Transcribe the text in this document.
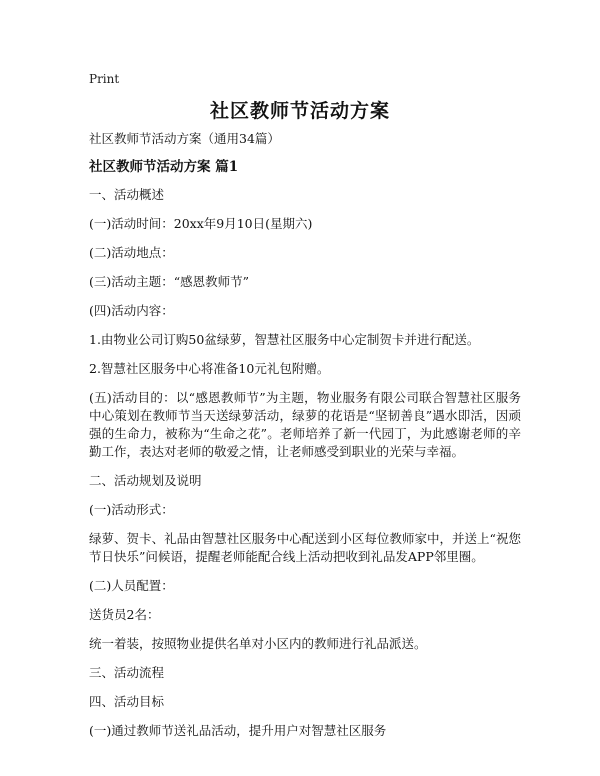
Print
社区教师节活动方案

社区教师节活动方案（通用34篇）

社区教师节活动方案 篇1

一、活动概述

(一)活动时间：20xx年9月10日(星期六)

(二)活动地点：

(三)活动主题：“感恩教师节”

(四)活动内容：

1.由物业公司订购50盆绿萝，智慧社区服务中心定制贺卡并进行配送。

2.智慧社区服务中心将准备10元礼包附赠。

(五)活动目的：以“感恩教师节”为主题，物业服务有限公司联合智慧社区服务中心策划在教师节当天送绿萝活动，绿萝的花语是“坚韧善良”遇水即活，因顽强的生命力，被称为“生命之花”。老师培养了新一代园丁，为此感谢老师的辛勤工作，表达对老师的敬爱之情，让老师感受到职业的光荣与幸福。

二、活动规划及说明

(一)活动形式：

绿萝、贺卡、礼品由智慧社区服务中心配送到小区每位教师家中，并送上“祝您节日快乐”问候语，提醒老师能配合线上活动把收到礼品发APP邻里圈。

(二)人员配置：

送货员2名：

统一着装，按照物业提供名单对小区内的教师进行礼品派送。

三、活动流程

四、活动目标

(一)通过教师节送礼品活动，提升用户对智慧社区服务
